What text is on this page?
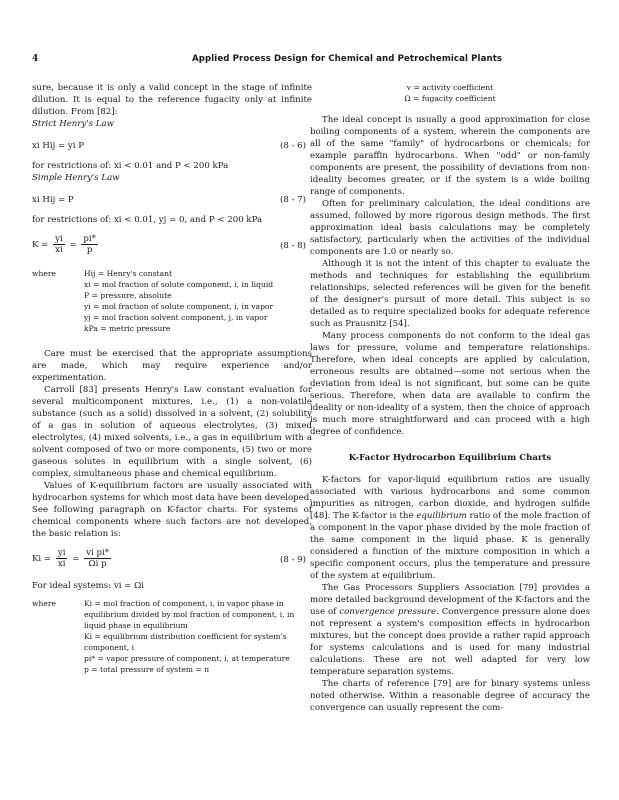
4	Applied Process Design for Chemical and Petrochemical Plants

sure, because it is only a valid concept in the stage of infinite dilution. It is equal to the reference fugacity only at infinite dilution. From [82]:

Strict Henry's Law

xi Hij = yi P	(8 - 6)

for restrictions of: xi < 0.01 and P < 200 kPa

Simple Henry's Law

xi Hij = P	(8 - 7)

for restrictions of: xi < 0.01, yj = 0, and P < 200 kPa

$K = \frac{yi}{xi} = \frac{pi*}{p}$	(8 - 8)
where	Hij = Henry's constant
xi = mol fraction of solute component, i, in liquid
P = pressure, absolute
yi = mol fraction of solute component, i, in vapor
yj = mol fraction solvent component, j, in vapor
kPa = metric pressure

Care must be exercised that the appropriate assumptions are made, which may require experience and/or experimentation.

Carroll [83] presents Henry's Law constant evaluation for several multicomponent mixtures, i.e., (1) a non-volatile substance (such as a solid) dissolved in a solvent, (2) solubility of a gas in solution of aqueous electrolytes, (3) mixed electrolytes, (4) mixed solvents, i.e., a gas in equilibrium with a solvent composed of two or more components, (5) two or more gaseous solutes in equilibrium with a single solvent, (6) complex, simultaneous phase and chemical equilibrium.

Values of K-equilibrium factors are usually associated with hydrocarbon systems for which most data have been developed. See following paragraph on K-factor charts. For systems of chemical components where such factors are not developed, the basic relation is:

$Ki = \frac{yi}{xi} = \frac{\text{vi pi*}}{\text{Ωi p}}$	(8 - 9)

For ideal systems: vi = Ωi

where	Ki = mol fraction of component, i, in vapor phase in equilibrium divided by mol fraction of component, i, in liquid phase in equilibrium
Ki = equilibrium distribution coefficient for system's component, i
pi* = vapor pressure of component, i, at temperature
p = total pressure of system = π
v = activity coefficient
Ω = fugacity coefficient

The ideal concept is usually a good approximation for close boiling components of a system, wherein the components are all of the same "family" of hydrocarbons or chemicals; for example paraffin hydrocarbons. When "odd" or non-family components are present, the possibility of deviations from non-ideality becomes greater, or if the system is a wide boiling range of components.

Often for preliminary calculation, the ideal conditions are assumed, followed by more rigorous design methods. The first approximation ideal basis calculations may be completely satisfactory, particularly when the activities of the individual components are 1.0 or nearly so.

Although it is not the intent of this chapter to evaluate the methods and techniques for establishing the equilibrium relationships, selected references will be given for the benefit of the designer's pursuit of more detail. This subject is so detailed as to require specialized books for adequate reference such as Prausnitz [54].

Many process components do not conform to the ideal gas laws for pressure, volume and temperature relationships. Therefore, when ideal concepts are applied by calculation, erroneous results are obtained—some not serious when the deviation from ideal is not significant, but some can be quite serious. Therefore, when data are available to confirm the ideality or non-ideality of a system, then the choice of approach is much more straightforward and can proceed with a high degree of confidence.

K-Factor Hydrocarbon Equilibrium Charts

K-factors for vapor-liquid equilibrium ratios are usually associated with various hydrocarbons and some common impurities as nitrogen, carbon dioxide, and hydrogen sulfide [48]. The K-factor is the equilibrium ratio of the mole fraction of a component in the vapor phase divided by the mole fraction of the same component in the liquid phase. K is generally considered a function of the mixture composition in which a specific component occurs, plus the temperature and pressure of the system at equilibrium.

The Gas Processors Suppliers Association [79] provides a more detailed background development of the K-factors and the use of convergence pressure. Convergence pressure alone does not represent a system's composition effects in hydrocarbon mixtures, but the concept does provide a rather rapid approach for systems calculations and is used for many industrial calculations. These are not well adapted for very low temperature separation systems.

The charts of reference [79] are for binary systems unless noted otherwise. Within a reasonable degree of accuracy the convergence can usually represent the com-
